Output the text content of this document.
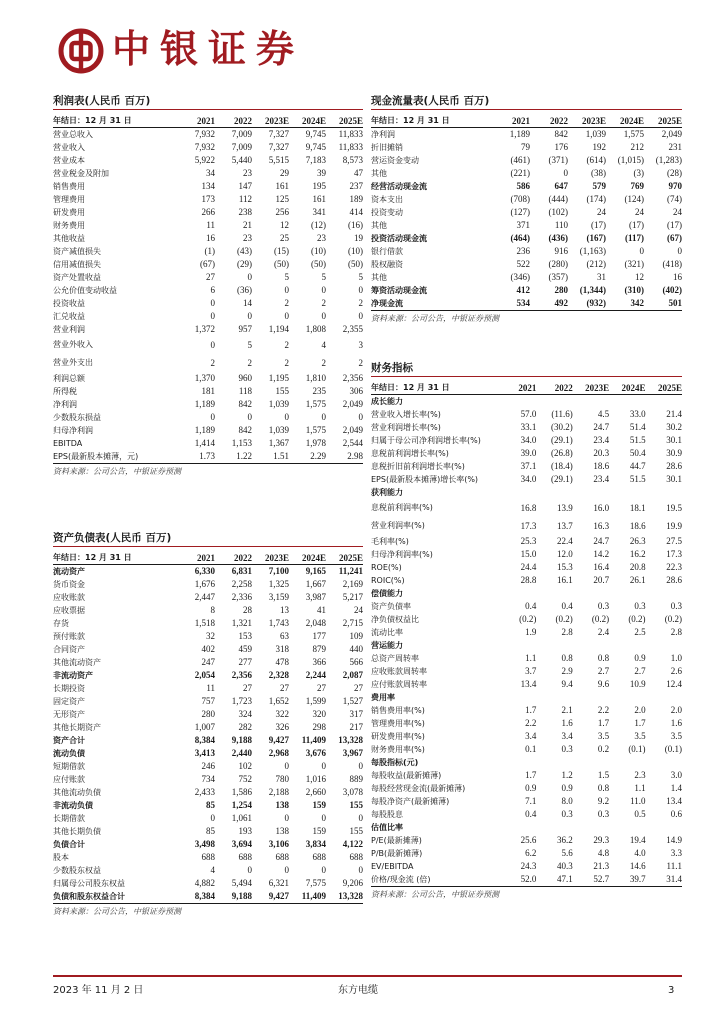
中银证券
利润表(人民币 百万)
年结日：12 月 31 日	2021	2022	2023E	2024E	2025E
营业总收入	7,932	7,009	7,327	9,745	11,833
营业收入	7,932	7,009	7,327	9,745	11,833
营业成本	5,922	5,440	5,515	7,183	8,573
营业税金及附加	34	23	29	39	47
销售费用	134	147	161	195	237
管理费用	173	112	125	161	189
研发费用	266	238	256	341	414
财务费用	11	21	12	(12)	(16)
其他收益	16	23	25	23	19
资产减值损失	(1)	(43)	(15)	(10)	(10)
信用减值损失	(67)	(29)	(50)	(50)	(50)
资产处置收益	27	0	5	5	5
公允价值变动收益	6	(36)	0	0	0
投资收益	0	14	2	2	2
汇兑收益	0	0	0	0	0
营业利润	1,372	957	1,194	1,808	2,355
营业外收入	0	5	2	4	3
营业外支出	2	2	2	2	2
利润总额	1,370	960	1,195	1,810	2,356
所得税	181	118	155	235	306
净利润	1,189	842	1,039	1,575	2,049
少数股东损益	0	0	0	0	0
归母净利润	1,189	842	1,039	1,575	2,049
EBITDA	1,414	1,153	1,367	1,978	2,544
EPS(最新股本摊薄，元)	1.73	1.22	1.51	2.29	2.98
资料来源：公司公告，中银证券预测
资产负债表(人民币 百万)
年结日：12 月 31 日	2021	2022	2023E	2024E	2025E
流动资产	6,330	6,831	7,100	9,165	11,241
货币资金	1,676	2,258	1,325	1,667	2,169
应收账款	2,447	2,336	3,159	3,987	5,217
应收票据	8	28	13	41	24
存货	1,518	1,321	1,743	2,048	2,715
预付账款	32	153	63	177	109
合同资产	402	459	318	879	440
其他流动资产	247	277	478	366	566
非流动资产	2,054	2,356	2,328	2,244	2,087
长期投资	11	27	27	27	27
固定资产	757	1,723	1,652	1,599	1,527
无形资产	280	324	322	320	317
其他长期资产	1,007	282	326	298	217
资产合计	8,384	9,188	9,427	11,409	13,328
流动负债	3,413	2,440	2,968	3,676	3,967
短期借款	246	102	0	0	0
应付账款	734	752	780	1,016	889
其他流动负债	2,433	1,586	2,188	2,660	3,078
非流动负债	85	1,254	138	159	155
长期借款	0	1,061	0	0	0
其他长期负债	85	193	138	159	155
负债合计	3,498	3,694	3,106	3,834	4,122
股本	688	688	688	688	688
少数股东权益	4	0	0	0	0
归属母公司股东权益	4,882	5,494	6,321	7,575	9,206
负债和股东权益合计	8,384	9,188	9,427	11,409	13,328
资料来源：公司公告，中银证券预测
现金流量表(人民币 百万)
年结日：12 月 31 日	2021	2022	2023E	2024E	2025E
净利润	1,189	842	1,039	1,575	2,049
折旧摊销	79	176	192	212	231
营运资金变动	(461)	(371)	(614)	(1,015)	(1,283)
其他	(221)	0	(38)	(3)	(28)
经营活动现金流	586	647	579	769	970
资本支出	(708)	(444)	(174)	(124)	(74)
投资变动	(127)	(102)	24	24	24
其他	371	110	(17)	(17)	(17)
投资活动现金流	(464)	(436)	(167)	(117)	(67)
银行借款	236	916	(1,163)	0	0
股权融资	522	(280)	(212)	(321)	(418)
其他	(346)	(357)	31	12	16
筹资活动现金流	412	280	(1,344)	(310)	(402)
净现金流	534	492	(932)	342	501
资料来源：公司公告，中银证券预测
财务指标
年结日：12 月 31 日	2021	2022	2023E	2024E	2025E
成长能力
营业收入增长率(%)	57.0	(11.6)	4.5	33.0	21.4
营业利润增长率(%)	33.1	(30.2)	24.7	51.4	30.2
归属于母公司净利润增长率(%)	34.0	(29.1)	23.4	51.5	30.1
息税前利润增长率(%)	39.0	(26.8)	20.3	50.4	30.9
息税折旧前利润增长率(%)	37.1	(18.4)	18.6	44.7	28.6
EPS(最新股本摊薄)增长率(%)	34.0	(29.1)	23.4	51.5	30.1
获利能力
息税前利润率(%)	16.8	13.9	16.0	18.1	19.5
营业利润率(%)	17.3	13.7	16.3	18.6	19.9
毛利率(%)	25.3	22.4	24.7	26.3	27.5
归母净利润率(%)	15.0	12.0	14.2	16.2	17.3
ROE(%)	24.4	15.3	16.4	20.8	22.3
ROIC(%)	28.8	16.1	20.7	26.1	28.6
偿债能力
资产负债率	0.4	0.4	0.3	0.3	0.3
净负债权益比	(0.2)	(0.2)	(0.2)	(0.2)	(0.2)
流动比率	1.9	2.8	2.4	2.5	2.8
营运能力
总资产周转率	1.1	0.8	0.8	0.9	1.0
应收账款周转率	3.7	2.9	2.7	2.7	2.6
应付账款周转率	13.4	9.4	9.6	10.9	12.4
费用率
销售费用率(%)	1.7	2.1	2.2	2.0	2.0
管理费用率(%)	2.2	1.6	1.7	1.7	1.6
研发费用率(%)	3.4	3.4	3.5	3.5	3.5
财务费用率(%)	0.1	0.3	0.2	(0.1)	(0.1)
每股指标(元)
每股收益(最新摊薄)	1.7	1.2	1.5	2.3	3.0
每股经营现金流(最新摊薄)	0.9	0.9	0.8	1.1	1.4
每股净资产(最新摊薄)	7.1	8.0	9.2	11.0	13.4
每股股息	0.4	0.3	0.3	0.5	0.6
估值比率
P/E(最新摊薄)	25.6	36.2	29.3	19.4	14.9
P/B(最新摊薄)	6.2	5.6	4.8	4.0	3.3
EV/EBITDA	24.3	40.3	21.3	14.6	11.1
价格/现金流 (倍)	52.0	47.1	52.7	39.7	31.4
资料来源：公司公告，中银证券预测
2023 年 11 月 2 日	东方电缆	3
